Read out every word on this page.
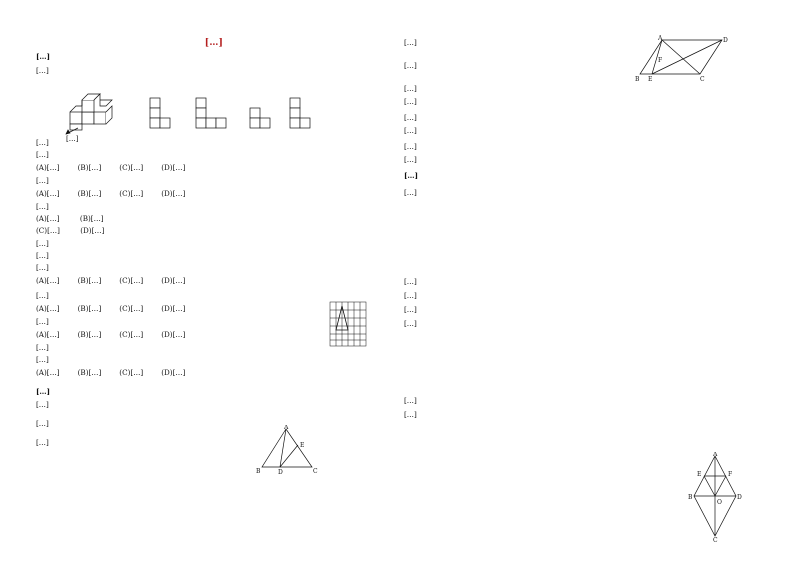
[…]
[…]
[…]
[…]
[…]
(A)[…]	(B)[…]	(C)[…]	(D)[…]
[…]
(A)[…]	(B)[…]	(C)[…]	(D)[…]
[…]
(A)[…]	(B)[…]
(C)[…]	(D)[…]
[…]
[…]
[…]
(A)[…]	(B)[…]	(C)[…]	(D)[…]
[…]
(A)[…]	(B)[…]	(C)[…]	(D)[…]
[…]
(A)[…]	(B)[…]	(C)[…]	(D)[…]
[…]
[…]
(A)[…]	(B)[…]	(C)[…]	(D)[…]
[…]
[…]
[…]
[…]
[…]
A
B	D
E
C
[…]
[…]
[…]
[…]
[…]
[…]
[…]
[…]
[…]
[…]
[…]
[…]
[…]
[…]
[…]
[…]
A	D
F
E
B	C
A
E	F
O
B	D
C
